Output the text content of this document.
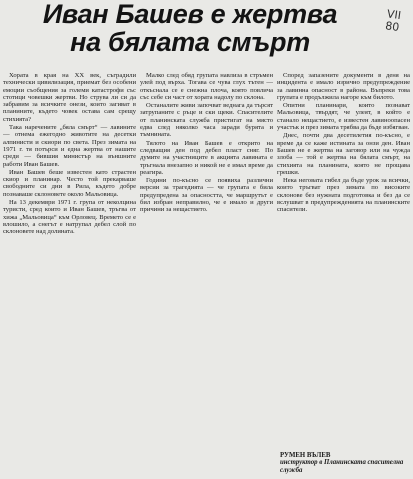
Иван Башев е жертва
на бялата смърт
VII
80

Хората в края на ХХ век, съградили технически цивилизация, приемат без особени емоции съобщения за големи катастрофи със стотици човешки жертви. Но струва ли си да забравим за всичките онези, които загиват в планините, където човек остава сам срещу стихията?

Така наречените „бяла смърт“ — лавините — отнема ежегодно животите на десетки алпинисти и скиори по света. През зимата на 1971 г. тя потърси и една жертва от нашите среди — бившия министър на външните работи Иван Башев.

Иван Башев беше известен като страстен скиор и планинар. Често той прекарваше свободните си дни в Рила, където добре познаваше склоновете около Мальовица.

На 13 декември 1971 г. група от неколцина туристи, сред които и Иван Башев, тръгва от хижа „Мальовица“ към Орловец. Времето се е влошило, а снегът е натрупал дебел слой по склоновете над долината.

Малко след обяд групата навлиза в стръмен улей под върха. Тогава се чува глух тътен — откъснала се е снежна плоча, която повлича със себе си част от хората надолу по склона.

Останалите живи започват веднага да търсят затрупаните с ръце и ски щеки. Спасителите от планинската служба пристигат на място едва след няколко часа заради бурята и тъмнината.

Тялото на Иван Башев е открито на следващия ден под дебел пласт сняг. По думите на участниците в акцията лавината е тръгнала внезапно и никой не е имал време да реагира.

Години по-късно се появиха различни версии за трагедията — че групата е била предупредена за опасността, че маршрутът е бил избран неправилно, че е имало и други причини за нещастието.

Според запазените документи в деня на инцидента е имало изрично предупреждение за лавинна опасност в района. Въпреки това групата е продължила нагоре към билото.

Опитни планинари, които познават Мальовица, твърдят, че улеят, в който е станало нещастието, е известен лавиноопасен участък и през зимата трябва да бъде избягван.

Днес, почти два десетилетия по-късно, е време да се каже истината за онзи ден. Иван Башев не е жертва на заговор или на чужда злоба — той е жертва на бялата смърт, на стихията на планината, която не прощава грешки.

Нека неговата гибел да бъде урок за всички, които тръгват през зимата по високите склонове без нужната подготовка и без да се вслушват в предупрежденията на планинските спасители.

РУМЕН ВЪЛЕВ
инструктор в Планинската спасителна служба
